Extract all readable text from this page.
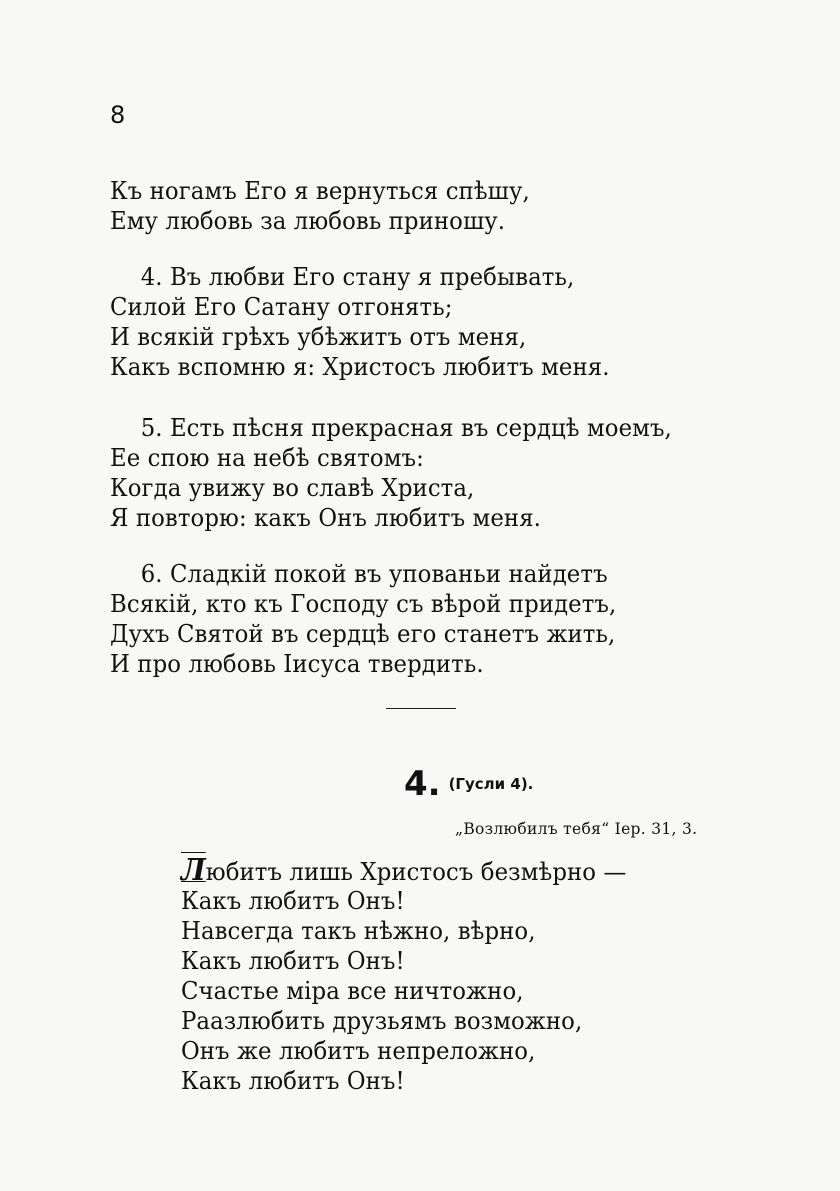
8
Къ ногамъ Его я вернуться спѣшу,
Ему любовь за любовь приношу.
4. Въ любви Его стану я пребывать,
Силой Его Сатану отгонять;
И всякій грѣхъ убѣжитъ отъ меня,
Какъ вспомню я: Христосъ любитъ меня.
5. Есть пѣсня прекрасная въ сердцѣ моемъ,
Ее спою на небѣ святомъ:
Когда увижу во славѣ Христа,
Я повторю: какъ Онъ любитъ меня.
6. Сладкій покой въ упованьи найдетъ
Всякій, кто къ Господу съ вѣрой придетъ,
Духъ Святой въ сердцѣ его станетъ жить,
И про любовь Іисуса твердить.
4. (Гусли 4).
„Возлюбилъ тебя“ Іер. 31, 3.
Любитъ лишь Христосъ безмѣрно —
Какъ любитъ Онъ!
Навсегда такъ нѣжно, вѣрно,
Какъ любитъ Онъ!
Счастье міра все ничтожно,
Раазлюбить друзьямъ возможно,
Онъ же любитъ непреложно,
Какъ любитъ Онъ!
